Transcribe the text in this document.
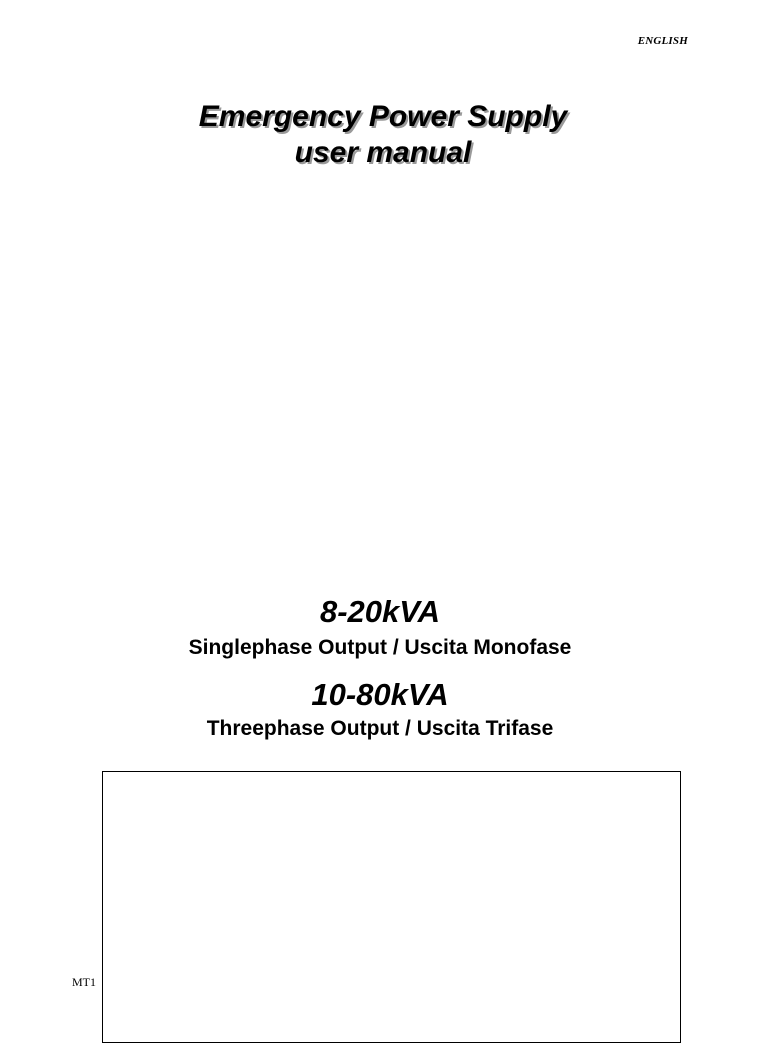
ENGLISH
Emergency Power Supply
user manual
8-20kVA
Singlephase Output / Uscita Monofase
10-80kVA
Threephase Output / Uscita Trifase
MT1
